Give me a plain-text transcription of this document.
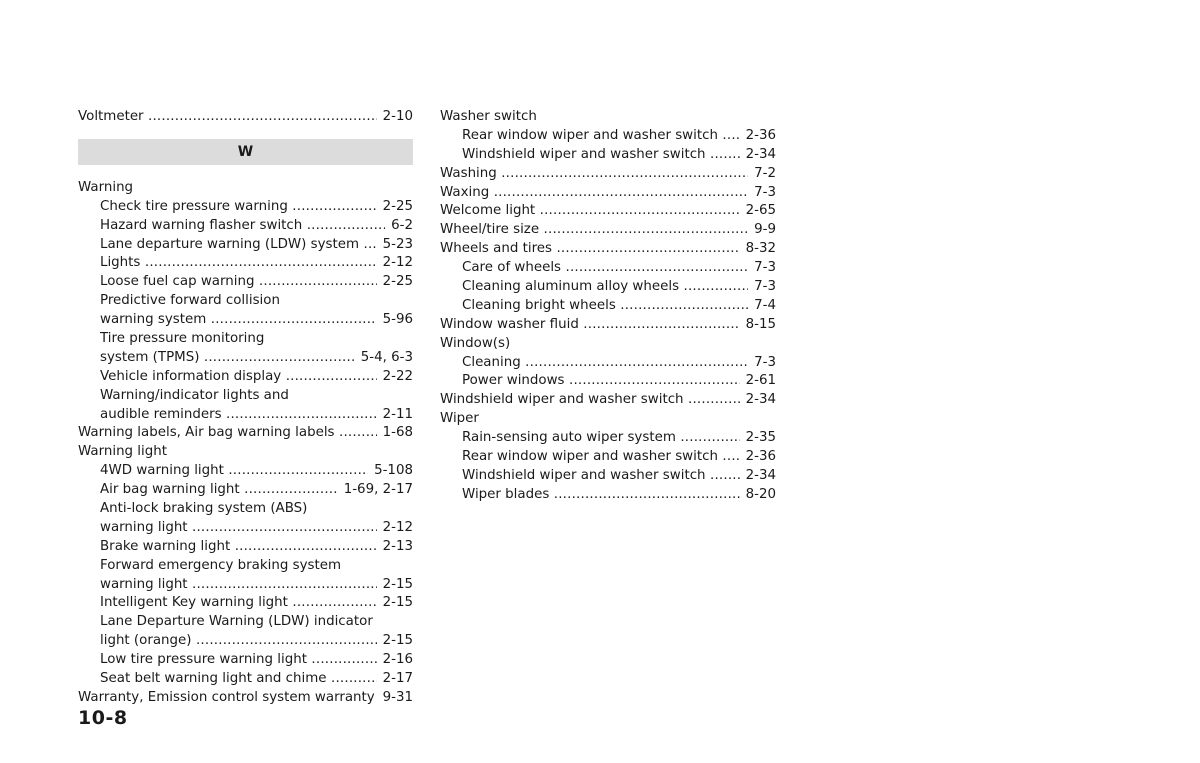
Voltmeter .....	2-10
W
Warning
Check tire pressure warning .....	2-25
Hazard warning flasher switch .....	6-2
Lane departure warning (LDW) system .....	5-23
Lights .....	2-12
Loose fuel cap warning .....	2-25
Predictive forward collision
warning system .....	5-96
Tire pressure monitoring
system (TPMS) .....	5-4, 6-3
Vehicle information display .....	2-22
Warning/indicator lights and
audible reminders .....	2-11
Warning labels, Air bag warning labels .....	1-68
Warning light
4WD warning light .....	5-108
Air bag warning light .....	1-69, 2-17
Anti-lock braking system (ABS)
warning light .....	2-12
Brake warning light .....	2-13
Forward emergency braking system
warning light .....	2-15
Intelligent Key warning light .....	2-15
Lane Departure Warning (LDW) indicator
light (orange) .....	2-15
Low tire pressure warning light .....	2-16
Seat belt warning light and chime .....	2-17
Warranty, Emission control system warranty ..... 9-31
Washer switch
Rear window wiper and washer switch .....	2-36
Windshield wiper and washer switch .....	2-34
Washing .....	7-2
Waxing .....	7-3
Welcome light .....	2-65
Wheel/tire size .....	9-9
Wheels and tires .....	8-32
Care of wheels .....	7-3
Cleaning aluminum alloy wheels .....	7-3
Cleaning bright wheels .....	7-4
Window washer fluid .....	8-15
Window(s)
Cleaning .....	7-3
Power windows .....	2-61
Windshield wiper and washer switch .....	2-34
Wiper
Rain-sensing auto wiper system .....	2-35
Rear window wiper and washer switch .....	2-36
Windshield wiper and washer switch .....	2-34
Wiper blades .....	8-20
10-8
